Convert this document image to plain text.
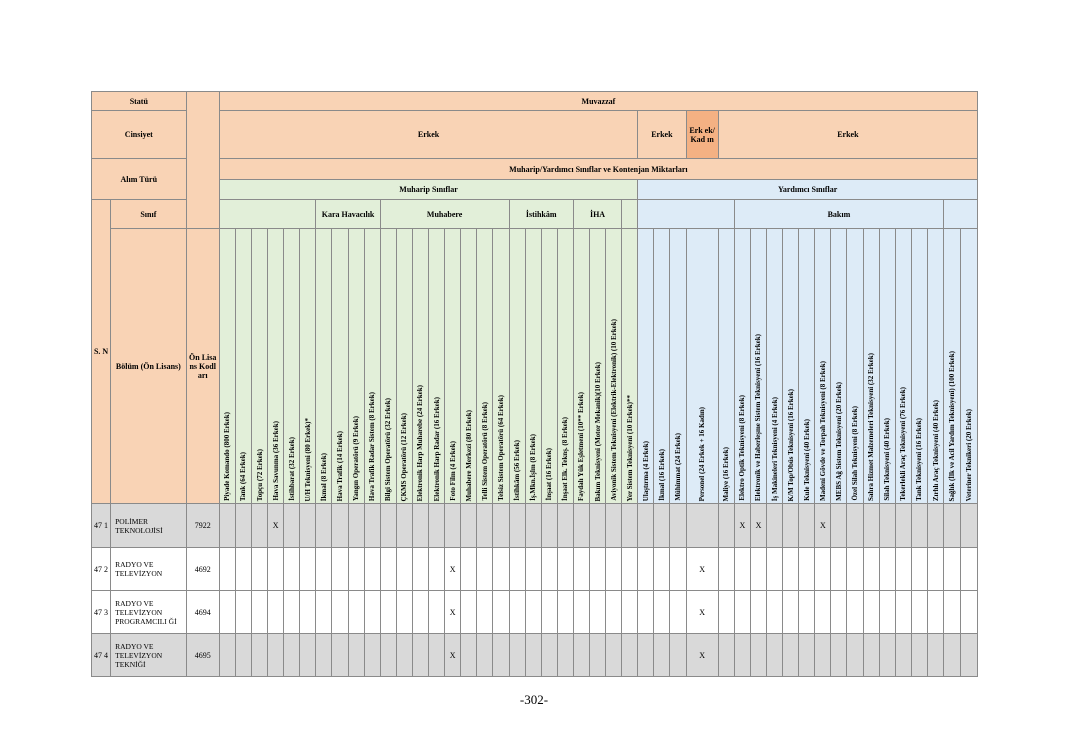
Statü			Muvazzaf																																													
Cinsiyet			Erkek																										Erkek			Erk ek/ Kad ın	Erkek															
Alım Türü			Muharip/Yardımcı Sınıflar ve Kontenjan Miktarları																																													
			Muharip Sınıflar																										Yardımcı Sınıflar																			
S. N	Sınıf								Kara Havacılık				Muhabere								İstihkâm				İHA									Bakım														
	Bölüm (Ön Lisans)	Ön Lisa ns Kodl arı	Piyade Komando (800 Erkek)	Tank (64 Erkek)	Topçu (72 Erkek)	Hava Savunma (36 Erkek)	İstihbarat (32 Erkek)	U/H Teknisyeni (80 Erkek)*	İkmal (8 Erkek)	Hava Trafik (14 Erkek)	Yangın Operatörü (9 Erkek)	Hava Trafik Radar Sistem (8 Erkek)	Bilgi Sistem Operatörü (32 Erkek)	ÇKMS Operatörü (12 Erkek)	Elektronik Harp Muharebe (24 Erkek)	Elektronik Harp Radar (16 Erkek)	Foto Film (4 Erkek)	Muhabere Merkezi (80 Erkek)	Telli Sistem Operatörü (8 Erkek)	Telsiz Sistem Operatörü (64 Erkek)	İstihkâm (56 Erkek)	İş.Mkn.İşlm (8 Erkek)	İnşaat (16 Erkek)	İnşaat Elk. Teknş. (8 Erkek)	Faydalı Yük Eşletmeni (10** Erkek)	Bakım Teknisyeni (Motor Mekanik)(10 Erkek)	Aviyonik Sistem Teknisyeni (Elektrik-Elektronik) (10 Erkek)	Yer Sistem Teknisyeni (10 Erkek)**	Ulaştırma (4 Erkek)	İkmal (16 Erkek)	Mühimmat (24 Erkek)	Personel (24 Erkek + 16 Kadın)	Maliye (16 Erkek)	Elektro Optik Teknisyeni (8 Erkek)	Elektronik ve Haberleşme Sistem Teknisyeni (16 Erkek)	İş Makineleri Teknisyeni (4 Erkek)	K/M Top/Obüs Teknisyeni (16 Erkek)	Kule Teknisyeni (40 Erkek)	Madeni Gövde ve Torpah Teknisyeni (8 Erkek)	MEBS Ağ Sistem Teknisyeni (20 Erkek)	Özel Silah Teknisyeni (8 Erkek)	Sahra Hizmet Malzemeleri Teknisyeni (32 Erkek)	Silah Teknisyeni (40 Erkek)	Tekerlekli Araç Teknisyeni (76 Erkek)	Tank Teknisyeni (16 Erkek)	Zırhlı Araç Teknisyeni (40 Erkek)	Sağlık (İlk ve Acil Yardım Teknisyeni) (100 Erkek)	Veteriner Teknikeri (20 Erkek)
47 1	POLİMER TEKNOLOJİSİ	7922				X																												X	X				X									
47 2	RADYO VE TELEVİZYON	4692															X															X																
47 3	RADYO VE TELEVİZYON PROGRAMCILI Ğİ	4694															X															X																
47 4	RADYO VE TELEVİZYON TEKNİĞİ	4695															X															X																
-302-
